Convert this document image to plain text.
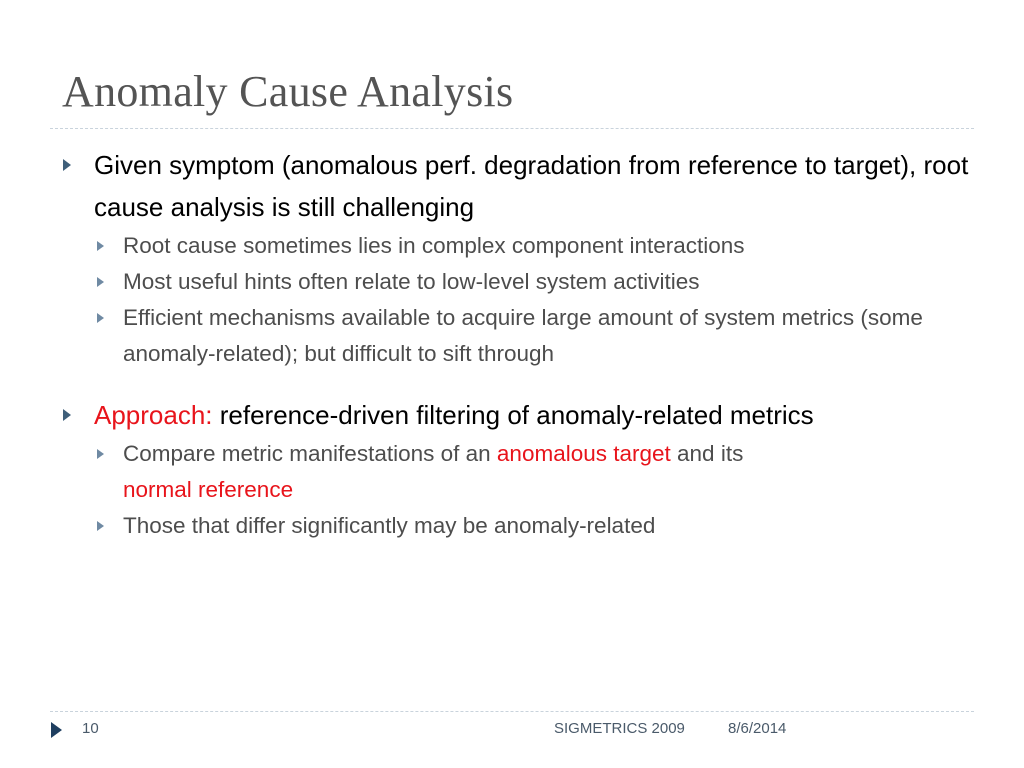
Anomaly Cause Analysis
Given symptom (anomalous perf. degradation from reference to target), root cause analysis is still challenging
Root cause sometimes lies in complex component interactions
Most useful hints often relate to low-level system activities
Efficient mechanisms available to acquire large amount of system metrics (some anomaly-related); but difficult to sift through
Approach: reference-driven filtering of anomaly-related metrics
Compare metric manifestations of an anomalous target and its
normal reference
Those that differ significantly may be anomaly-related
10	SIGMETRICS 2009	8/6/2014
